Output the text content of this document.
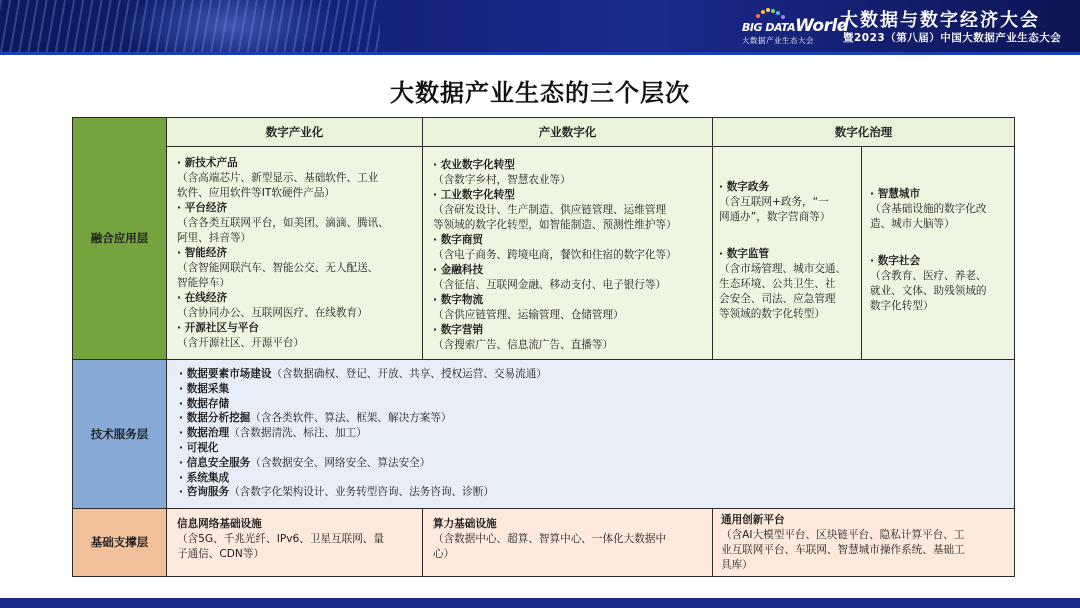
BIG DATAWorld
大数据产业生态大会
大数据与数字经济大会
暨2023（第八届）中国大数据产业生态大会
大数据产业生态的三个层次
融合应用层
数字产业化	产业数字化	数字化治理
· 新技术产品
（含高端芯片、新型显示、基础软件、工业
软件、应用软件等IT软硬件产品）
· 平台经济
（含各类互联网平台，如美团、滴滴、腾讯、
阿里、抖音等）
· 智能经济
（含智能网联汽车、智能公交、无人配送、
智能停车）
· 在线经济
（含协同办公、互联网医疗、在线教育）
· 开源社区与平台
（含开源社区、开源平台）
· 农业数字化转型
（含数字乡村，智慧农业等）
· 工业数字化转型
（含研发设计、生产制造、供应链管理、运维管理
等领域的数字化转型，如智能制造、预测性维护等）
· 数字商贸
（含电子商务、跨境电商，餐饮和住宿的数字化等）
· 金融科技
（含征信、互联网金融、移动支付、电子银行等）
· 数字物流
（含供应链管理、运输管理、仓储管理）
· 数字营销
（含搜索广告、信息流广告、直播等）
· 数字政务
（含互联网+政务，“一
网通办”，数字营商等）
· 数字监管
（含市场管理、城市交通、
生态环境、公共卫生、社
会安全、司法、应急管理
等领域的数字化转型）
· 智慧城市
（含基础设施的数字化改
造、城市大脑等）
· 数字社会
（含教育、医疗、养老、
就业、文体、助残领域的
数字化转型）
技术服务层
· 数据要素市场建设（含数据确权、登记、开放、共享、授权运营、交易流通）
· 数据采集
· 数据存储
· 数据分析挖掘（含各类软件、算法、框架、解决方案等）
· 数据治理（含数据清洗、标注、加工）
· 可视化
· 信息安全服务（含数据安全、网络安全、算法安全）
· 系统集成
· 咨询服务（含数字化架构设计、业务转型咨询、法务咨询、诊断）
基础支撑层
信息网络基础设施
（含5G、千兆光纤、IPv6、卫星互联网、量
子通信、CDN等）
算力基础设施
（含数据中心、超算、智算中心、一体化大数据中
心）
通用创新平台
（含AI大模型平台、区块链平台、隐私计算平台、工
业互联网平台、车联网、智慧城市操作系统、基础工
具库）
